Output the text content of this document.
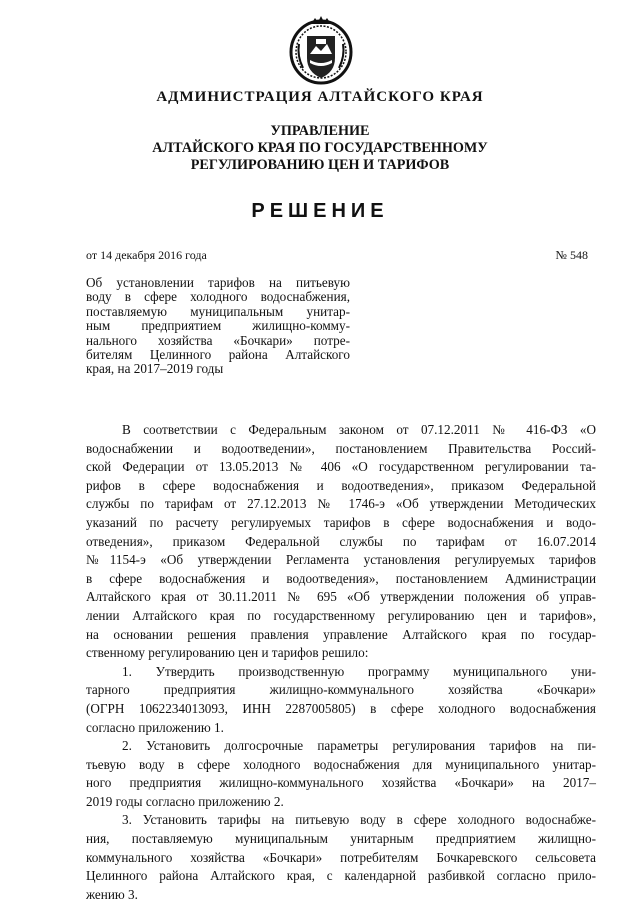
АДМИНИСТРАЦИЯ АЛТАЙСКОГО КРАЯ
УПРАВЛЕНИЕ
АЛТАЙСКОГО КРАЯ ПО ГОСУДАРСТВЕННОМУ
РЕГУЛИРОВАНИЮ ЦЕН И ТАРИФОВ
РЕШЕНИЕ
от 14 декабря 2016 года	№ 548
Об установлении тарифов на питьевую
воду в сфере холодного водоснабжения,
поставляемую муниципальным унитар-
ным предприятием жилищно-комму-
нального хозяйства «Бочкари» потре-
бителям Целинного района Алтайского
края, на 2017–2019 годы
В соответствии с Федеральным законом от 07.12.2011 № 416-ФЗ «О
водоснабжении и водоотведении», постановлением Правительства Россий-
ской Федерации от 13.05.2013 № 406 «О государственном регулировании та-
рифов в сфере водоснабжения и водоотведения», приказом Федеральной
службы по тарифам от 27.12.2013 № 1746-э «Об утверждении Методических
указаний по расчету регулируемых тарифов в сфере водоснабжения и водо-
отведения», приказом Федеральной службы по тарифам от 16.07.2014
№1154-э «Об утверждении Регламента установления регулируемых тарифов
в сфере водоснабжения и водоотведения», постановлением Администрации
Алтайского края от 30.11.2011 № 695 «Об утверждении положения об управ-
лении Алтайского края по государственному регулированию цен и тарифов»,
на основании решения правления управление Алтайского края по государ-
ственному регулированию цен и тарифов решило:
1. Утвердить производственную программу муниципального уни-
тарного предприятия жилищно-коммунального хозяйства «Бочкари»
(ОГРН 1062234013093, ИНН 2287005805) в сфере холодного водоснабжения
согласно приложению 1.
2. Установить долгосрочные параметры регулирования тарифов на пи-
тьевую воду в сфере холодного водоснабжения для муниципального унитар-
ного предприятия жилищно-коммунального хозяйства «Бочкари» на 2017–
2019 годы согласно приложению 2.
3. Установить тарифы на питьевую воду в сфере холодного водоснабже-
ния, поставляемую муниципальным унитарным предприятием жилищно-
коммунального хозяйства «Бочкари» потребителям Бочкаревского сельсовета
Целинного района Алтайского края, с календарной разбивкой согласно прило-
жению 3.
